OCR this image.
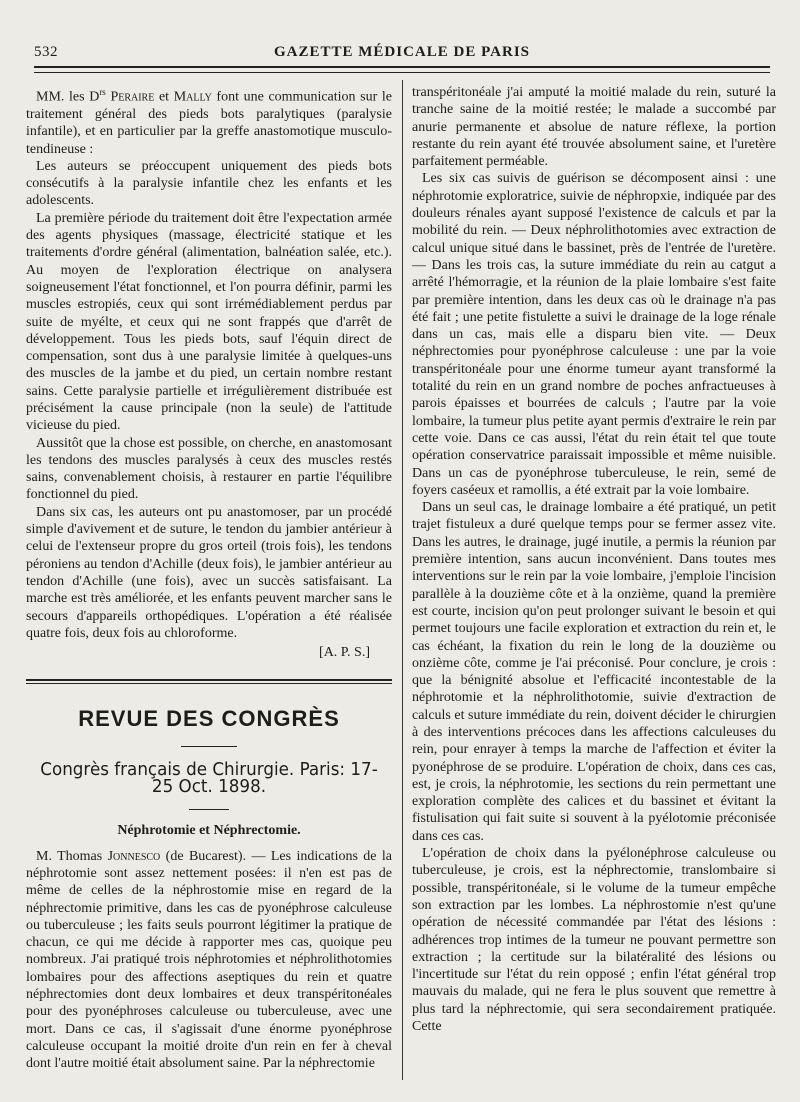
532	GAZETTE MÉDICALE DE PARIS

MM. les $D^{rs}$ Peraire et Mally font une communication sur le traitement général des pieds bots paralytiques (paralysie infantile), et en particulier par la greffe anastomotique musculo-tendineuse :

Les auteurs se préoccupent uniquement des pieds bots consécutifs à la paralysie infantile chez les enfants et les adolescents.

La première période du traitement doit être l'expectation armée des agents physiques (massage, électricité statique et les traitements d'ordre général (alimentation, balnéation salée, etc.). Au moyen de l'exploration électrique on analysera soigneusement l'état fonctionnel, et l'on pourra définir, parmi les muscles estropiés, ceux qui sont irrémédiablement perdus par suite de myélte, et ceux qui ne sont frappés que d'arrêt de développement. Tous les pieds bots, sauf l'équin direct de compensation, sont dus à une paralysie limitée à quelques-uns des muscles de la jambe et du pied, un certain nombre restant sains. Cette paralysie partielle et irrégulièrement distribuée est précisément la cause principale (non la seule) de l'attitude vicieuse du pied.

Aussitôt que la chose est possible, on cherche, en anastomosant les tendons des muscles paralysés à ceux des muscles restés sains, convenablement choisis, à restaurer en partie l'équilibre fonctionnel du pied.

Dans six cas, les auteurs ont pu anastomoser, par un procédé simple d'avivement et de suture, le tendon du jambier antérieur à celui de l'extenseur propre du gros orteil (trois fois), les tendons péroniens au tendon d'Achille (deux fois), le jambier antérieur au tendon d'Achille (une fois), avec un succès satisfaisant. La marche est très améliorée, et les enfants peuvent marcher sans le secours d'appareils orthopédiques. L'opération a été réalisée quatre fois, deux fois au chloroforme.

[A. P. S.]
REVUE DES CONGRÈS
Congrès français de Chirurgie. Paris: 17-25 Oct. 1898.
Néphrotomie et Néphrectomie.

M. Thomas Jonnesco (de Bucarest). — Les indications de la néphrotomie sont assez nettement posées: il n'en est pas de même de celles de la néphrostomie mise en regard de la néphrectomie primitive, dans les cas de pyonéphrose calculeuse ou tuberculeuse ; les faits seuls pourront légitimer la pratique de chacun, ce qui me décide à rapporter mes cas, quoique peu nombreux. J'ai pratiqué trois néphrotomies et néphrolithotomies lombaires pour des affections aseptiques du rein et quatre néphrectomies dont deux lombaires et deux transpéritonéales pour des pyonéphroses calculeuse ou tuberculeuse, avec une mort. Dans ce cas, il s'agissait d'une énorme pyonéphrose calculeuse occupant la moitié droite d'un rein en fer à cheval dont l'autre moitié était absolument saine. Par la néphrectomie

transpéritonéale j'ai amputé la moitié malade du rein, suturé la tranche saine de la moitié restée; le malade a succombé par anurie permanente et absolue de nature réflexe, la portion restante du rein ayant été trouvée absolument saine, et l'uretère parfaitement perméable.

Les six cas suivis de guérison se décomposent ainsi : une néphrotomie exploratrice, suivie de néphropxie, indiquée par des douleurs rénales ayant supposé l'existence de calculs et par la mobilité du rein. — Deux néphrolithotomies avec extraction de calcul unique situé dans le bassinet, près de l'entrée de l'uretère. — Dans les trois cas, la suture immédiate du rein au catgut a arrêté l'hémorragie, et la réunion de la plaie lombaire s'est faite par première intention, dans les deux cas où le drainage n'a pas été fait ; une petite fistulette a suivi le drainage de la loge rénale dans un cas, mais elle a disparu bien vite. — Deux néphrectomies pour pyonéphrose calculeuse : une par la voie transpéritonéale pour une énorme tumeur ayant transformé la totalité du rein en un grand nombre de poches anfractueuses à parois épaisses et bourrées de calculs ; l'autre par la voie lombaire, la tumeur plus petite ayant permis d'extraire le rein par cette voie. Dans ce cas aussi, l'état du rein était tel que toute opération conservatrice paraissait impossible et même nuisible. Dans un cas de pyonéphrose tuberculeuse, le rein, semé de foyers caséeux et ramollis, a été extrait par la voie lombaire.

Dans un seul cas, le drainage lombaire a été pratiqué, un petit trajet fistuleux a duré quelque temps pour se fermer assez vite. Dans les autres, le drainage, jugé inutile, a permis la réunion par première intention, sans aucun inconvénient. Dans toutes mes interventions sur le rein par la voie lombaire, j'emploie l'incision parallèle à la douzième côte et à la onzième, quand la première est courte, incision qu'on peut prolonger suivant le besoin et qui permet toujours une facile exploration et extraction du rein et, le cas échéant, la fixation du rein le long de la douzième ou onzième côte, comme je l'ai préconisé. Pour conclure, je crois : que la bénignité absolue et l'efficacité incontestable de la néphrotomie et la néphrolithotomie, suivie d'extraction de calculs et suture immédiate du rein, doivent décider le chirurgien à des interventions précoces dans les affections calculeuses du rein, pour enrayer à temps la marche de l'affection et éviter la pyonéphrose de se produire. L'opération de choix, dans ces cas, est, je crois, la néphrotomie, les sections du rein permettant une exploration complète des calices et du bassinet et évitant la fistulisation qui fait suite si souvent à la pyélotomie préconisée dans ces cas.

L'opération de choix dans la pyélonéphrose calculeuse ou tuberculeuse, je crois, est la néphrectomie, translombaire si possible, transpéritonéale, si le volume de la tumeur empêche son extraction par les lombes. La néphrostomie n'est qu'une opération de nécessité commandée par l'état des lésions : adhérences trop intimes de la tumeur ne pouvant permettre son extraction ; la certitude sur la bilatéralité des lésions ou l'incertitude sur l'état du rein opposé ; enfin l'état général trop mauvais du malade, qui ne fera le plus souvent que remettre à plus tard la néphrectomie, qui sera secondairement pratiquée. Cette
